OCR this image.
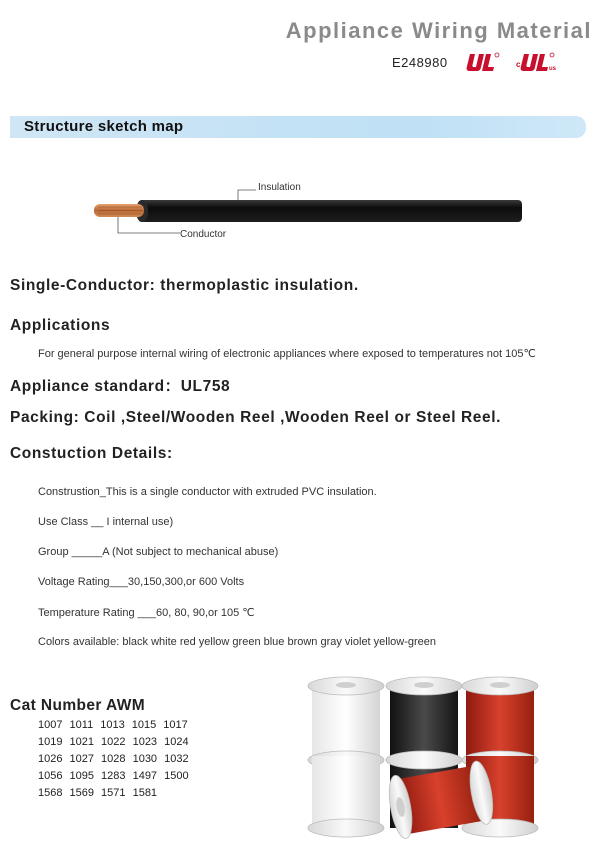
Appliance Wiring Material
E248980	c	us
Structure sketch map
Insulation
Conductor
Single-Conductor: thermoplastic insulation.
Applications
For general purpose internal wiring of electronic appliances where exposed to temperatures not 105℃
Appliance standard：UL758
Packing: Coil ,Steel/Wooden Reel ,Wooden Reel or Steel Reel.
Constuction Details:
Construstion_This is a single conductor with extruded PVC insulation.
Use Class __ I internal use)
Group _____A (Not subject to mechanical abuse)
Voltage Rating___30,150,300,or 600 Volts
Temperature Rating ___60, 80, 90,or 105 ℃
Colors available: black white red yellow green blue brown gray violet yellow-green
Cat Number AWM
1007 1011 1013 1015 1017
1019 1021 1022 1023 1024
1026 1027 1028 1030 1032
1056 1095 1283 1497 1500
1568 1569 1571 1581
